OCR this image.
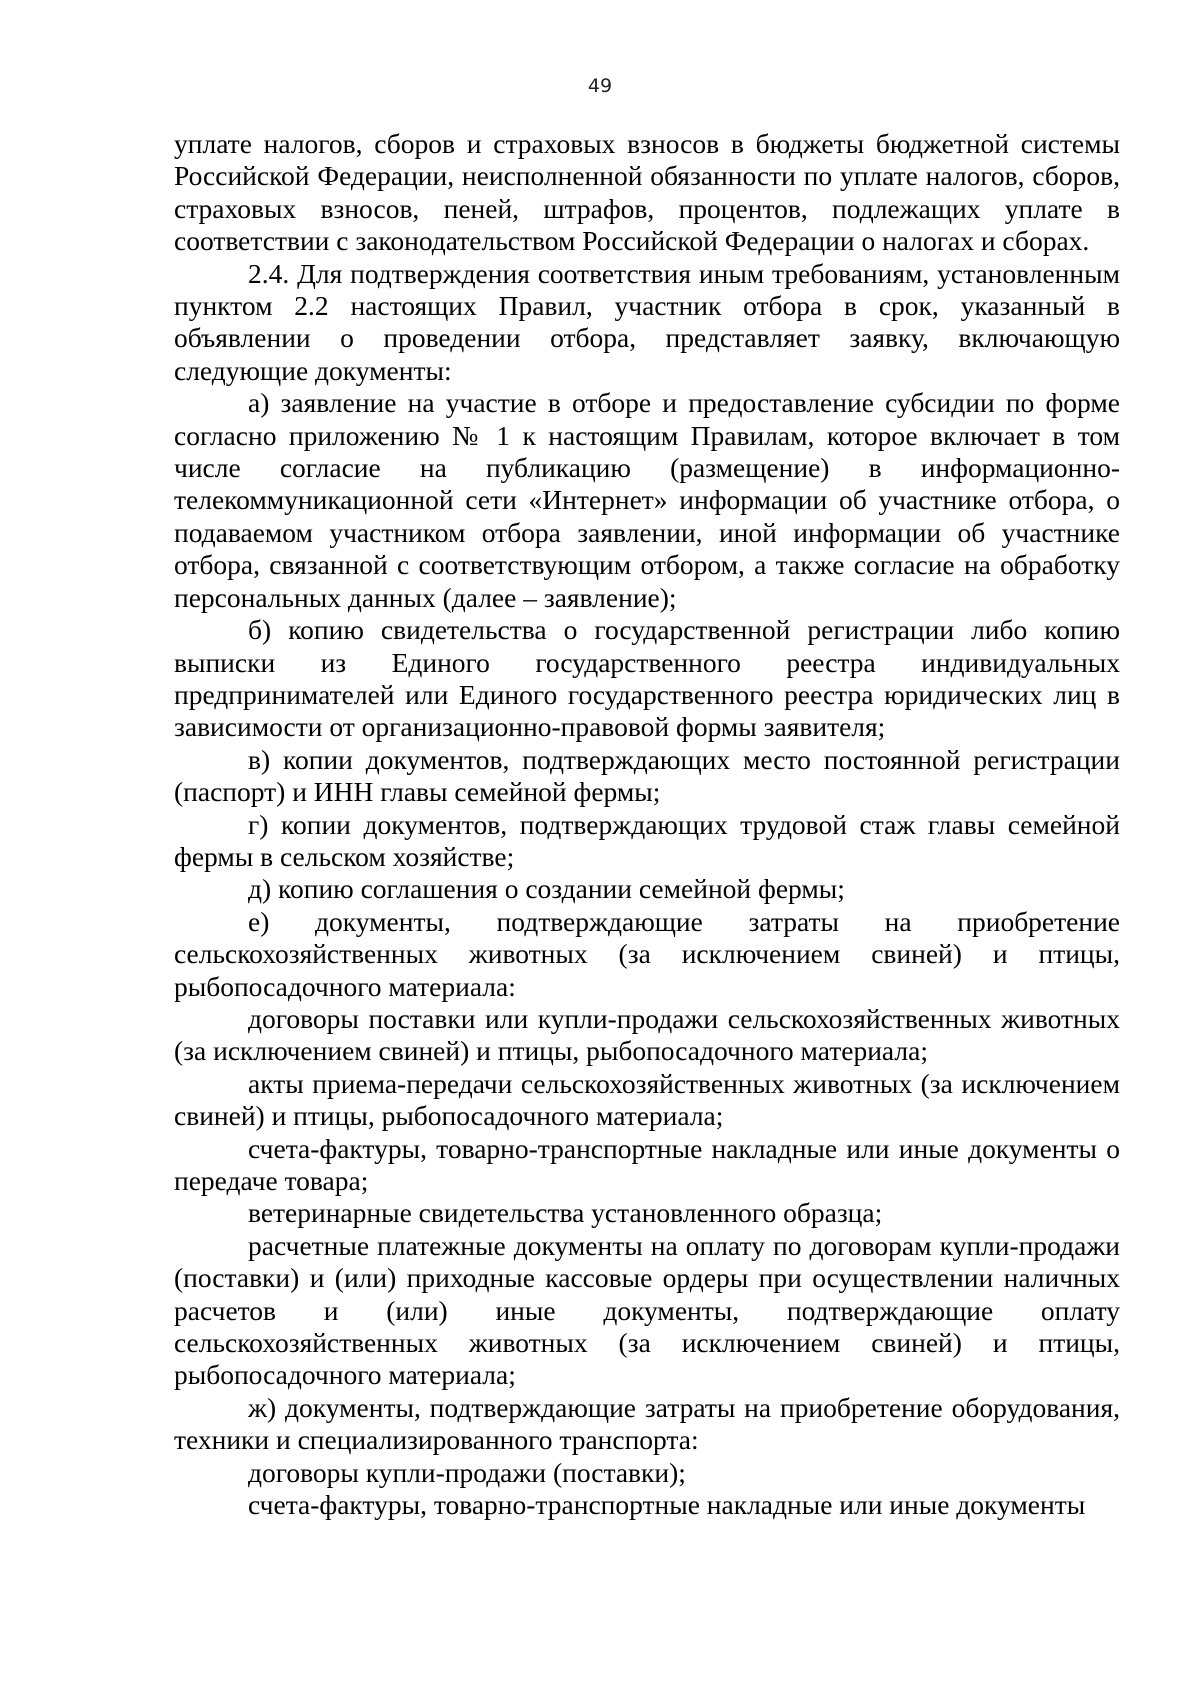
49

уплате налогов, сборов и страховых взносов в бюджеты бюджетной системы Российской Федерации, неисполненной обязанности по уплате налогов, сборов, страховых взносов, пеней, штрафов, процентов, подлежащих уплате в соответствии с законодательством Российской Федерации о налогах и сборах.

2.4. Для подтверждения соответствия иным требованиям, установленным пунктом 2.2 настоящих Правил, участник отбора в срок, указанный в объявлении о проведении отбора, представляет заявку, включающую следующие документы:

а) заявление на участие в отборе и предоставление субсидии по форме согласно приложению № 1 к настоящим Правилам, которое включает в том числе согласие на публикацию (размещение) в информационно-телекоммуникационной сети «Интернет» информации об участнике отбора, о подаваемом участником отбора заявлении, иной информации об участнике отбора, связанной с соответствующим отбором, а также согласие на обработку персональных данных (далее – заявление);

б) копию свидетельства о государственной регистрации либо копию выписки из Единого государственного реестра индивидуальных предпринимателей или Единого государственного реестра юридических лиц в зависимости от организационно-правовой формы заявителя;

в) копии документов, подтверждающих место постоянной регистрации (паспорт) и ИНН главы семейной фермы;

г) копии документов, подтверждающих трудовой стаж главы семейной фермы в сельском хозяйстве;

д) копию соглашения о создании семейной фермы;

е) документы, подтверждающие затраты на приобретение сельскохозяйственных животных (за исключением свиней) и птицы, рыбопосадочного материала:

договоры поставки или купли-продажи сельскохозяйственных животных (за исключением свиней) и птицы, рыбопосадочного материала;

акты приема-передачи сельскохозяйственных животных (за исключением свиней) и птицы, рыбопосадочного материала;

счета-фактуры, товарно-транспортные накладные или иные документы о передаче товара;

ветеринарные свидетельства установленного образца;

расчетные платежные документы на оплату по договорам купли-продажи (поставки) и (или) приходные кассовые ордеры при осуществлении наличных расчетов и (или) иные документы, подтверждающие оплату сельскохозяйственных животных (за исключением свиней) и птицы, рыбопосадочного материала;

ж) документы, подтверждающие затраты на приобретение оборудования, техники и специализированного транспорта:

договоры купли-продажи (поставки);

счета-фактуры, товарно-транспортные накладные или иные документы
